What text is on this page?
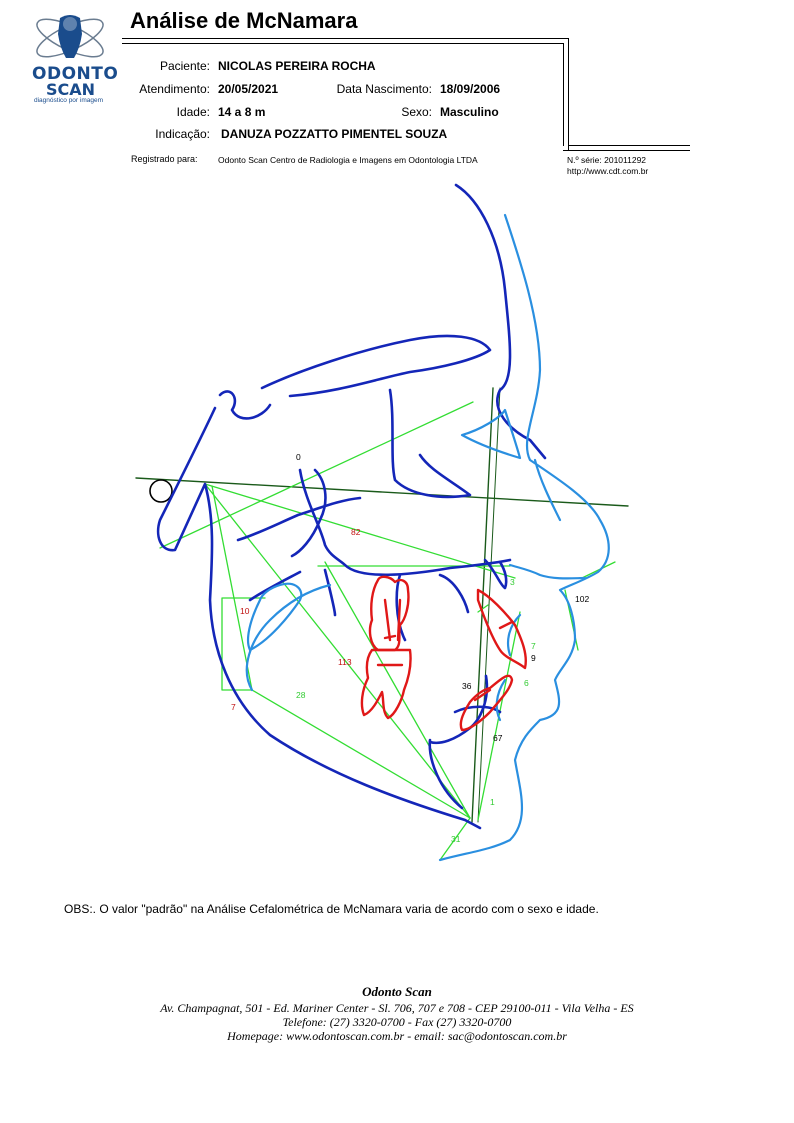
ODONTO
SCAN
diagnóstico por imagem
Análise de McNamara
Paciente: NICOLAS PEREIRA ROCHA
Atendimento: 20/05/2021	Data Nascimento: 18/09/2006
Idade: 14 a 8 m	Sexo: Masculino
Indicação: DANUZA POZZATTO PIMENTEL SOUZA
Registrado para: Odonto Scan Centro de Radiologia e Imagens em Odontologia LTDA	N.º série: 201011292
http://www.cdt.com.br
0
82
3
102
10
7
9
113
36	6
28
7
67
1
31
OBS:. O valor "padrão" na Análise Cefalométrica de McNamara varia de acordo com o sexo e idade.
Odonto Scan
Av. Champagnat, 501 - Ed. Mariner Center - Sl. 706, 707 e 708 - CEP 29100-011 - Vila Velha - ES
Telefone: (27) 3320-0700 - Fax (27) 3320-0700
Homepage: www.odontoscan.com.br - email: sac@odontoscan.com.br
